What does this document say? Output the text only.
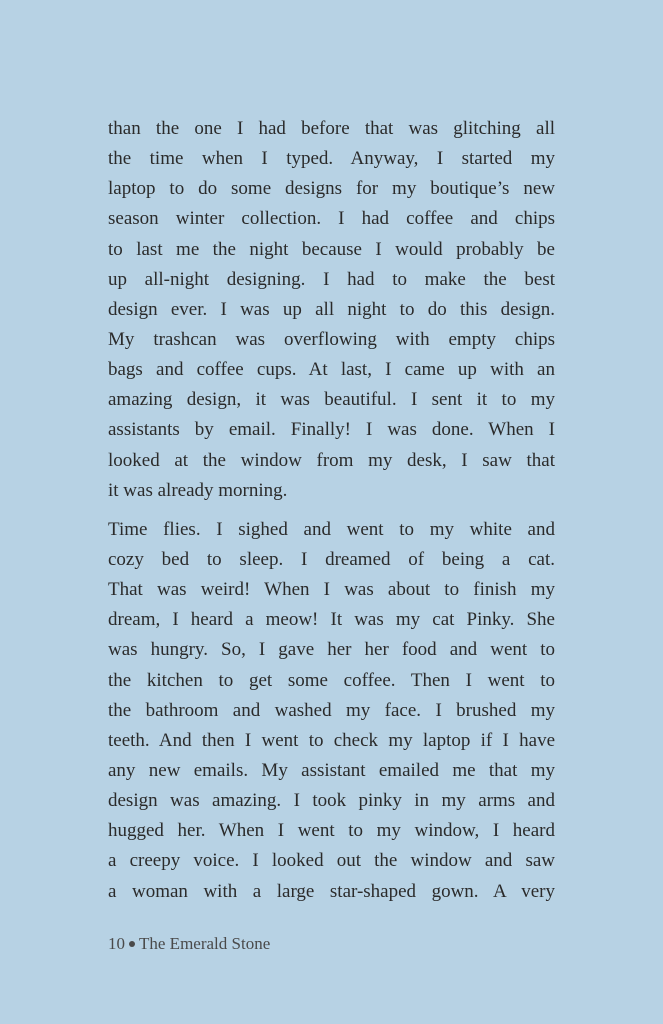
than the one I had before that was glitching all
the time when I typed. Anyway, I started my
laptop to do some designs for my boutique’s new
season winter collection. I had coffee and chips
to last me the night because I would probably be
up all-night designing. I had to make the best
design ever. I was up all night to do this design.
My trashcan was overflowing with empty chips
bags and coffee cups. At last, I came up with an
amazing design, it was beautiful. I sent it to my
assistants by email. Finally! I was done. When I
looked at the window from my desk, I saw that
it was already morning.
Time flies. I sighed and went to my white and
cozy bed to sleep. I dreamed of being a cat.
That was weird! When I was about to finish my
dream, I heard a meow! It was my cat Pinky. She
was hungry. So, I gave her her food and went to
the kitchen to get some coffee. Then I went to
the bathroom and washed my face. I brushed my
teeth. And then I went to check my laptop if I have
any new emails. My assistant emailed me that my
design was amazing. I took pinky in my arms and
hugged her. When I went to my window, I heard
a creepy voice. I looked out the window and saw
a woman with a large star-shaped gown. A very
10 The Emerald Stone
